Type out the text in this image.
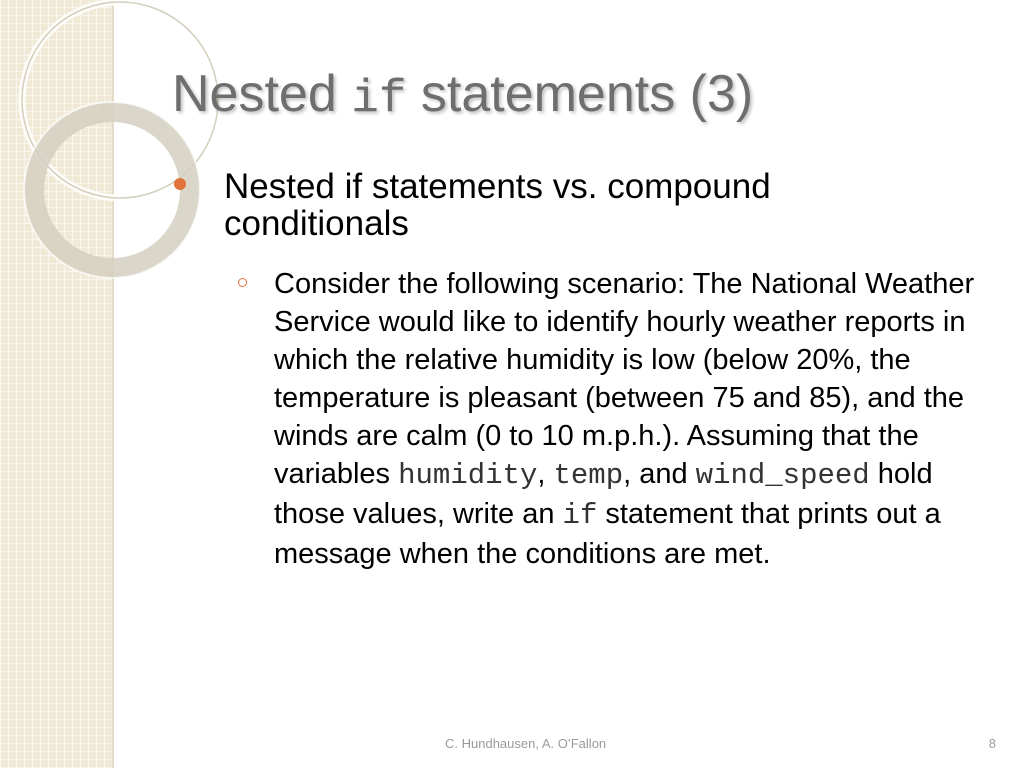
Nested if statements (3)
Nested if statements vs. compound conditionals
Consider the following scenario: The National Weather Service would like to identify hourly weather reports in which the relative humidity is low (below 20%, the temperature is pleasant (between 75 and 85), and the winds are calm (0 to 10 m.p.h.). Assuming that the variables humidity, temp, and wind_speed hold those values, write an if statement that prints out a message when the conditions are met.
C. Hundhausen, A. O’Fallon	8
